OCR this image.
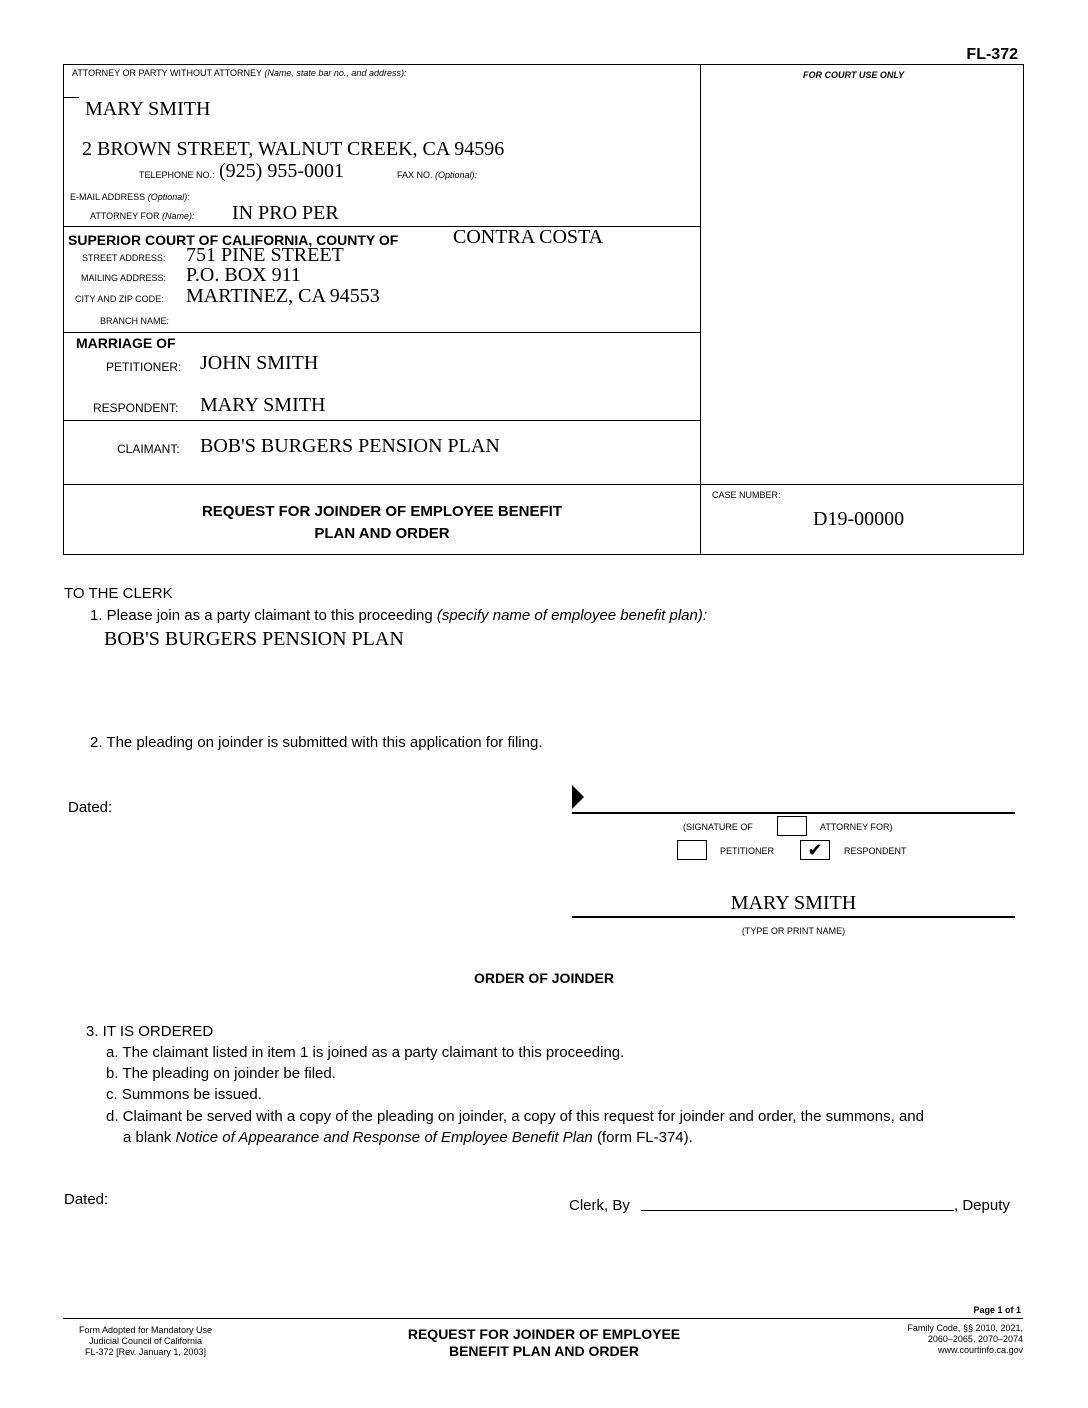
FL-372
ATTORNEY OR PARTY WITHOUT ATTORNEY (Name, state bar no., and address):	FOR COURT USE ONLY
MARY SMITH
2 BROWN STREET, WALNUT CREEK, CA 94596
TELEPHONE NO.: (925) 955-0001	FAX NO. (Optional):
E-MAIL ADDRESS (Optional):
ATTORNEY FOR (Name): IN PRO PER
SUPERIOR COURT OF CALIFORNIA, COUNTY OF	CONTRA COSTA
STREET ADDRESS: 751 PINE STREET
MAILING ADDRESS: P.O. BOX 911
CITY AND ZIP CODE: MARTINEZ, CA 94553
BRANCH NAME:
MARRIAGE OF
PETITIONER: JOHN SMITH
RESPONDENT: MARY SMITH
CLAIMANT: BOB'S BURGERS PENSION PLAN
REQUEST FOR JOINDER OF EMPLOYEE BENEFIT
PLAN AND ORDER
CASE NUMBER:
D19-00000
TO THE CLERK
1. Please join as a party claimant to this proceeding (specify name of employee benefit plan):
BOB'S BURGERS PENSION PLAN
2. The pleading on joinder is submitted with this application for filing.
Dated:
(SIGNATURE OF	ATTORNEY FOR)
PETITIONER	✔	RESPONDENT
MARY SMITH
(TYPE OR PRINT NAME)
ORDER OF JOINDER
3. IT IS ORDERED
a. The claimant listed in item 1 is joined as a party claimant to this proceeding.
b. The pleading on joinder be filed.
c. Summons be issued.
d. Claimant be served with a copy of the pleading on joinder, a copy of this request for joinder and order, the summons, and
a blank Notice of Appearance and Response of Employee Benefit Plan (form FL-374).
Dated:	Clerk, By	, Deputy
Page 1 of 1
Form Adopted for Mandatory Use
Judicial Council of California
FL-372 [Rev. January 1, 2003]
REQUEST FOR JOINDER OF EMPLOYEE
BENEFIT PLAN AND ORDER
Family Code, §§ 2010, 2021,
2060–2065, 2070–2074
www.courtinfo.ca.gov
